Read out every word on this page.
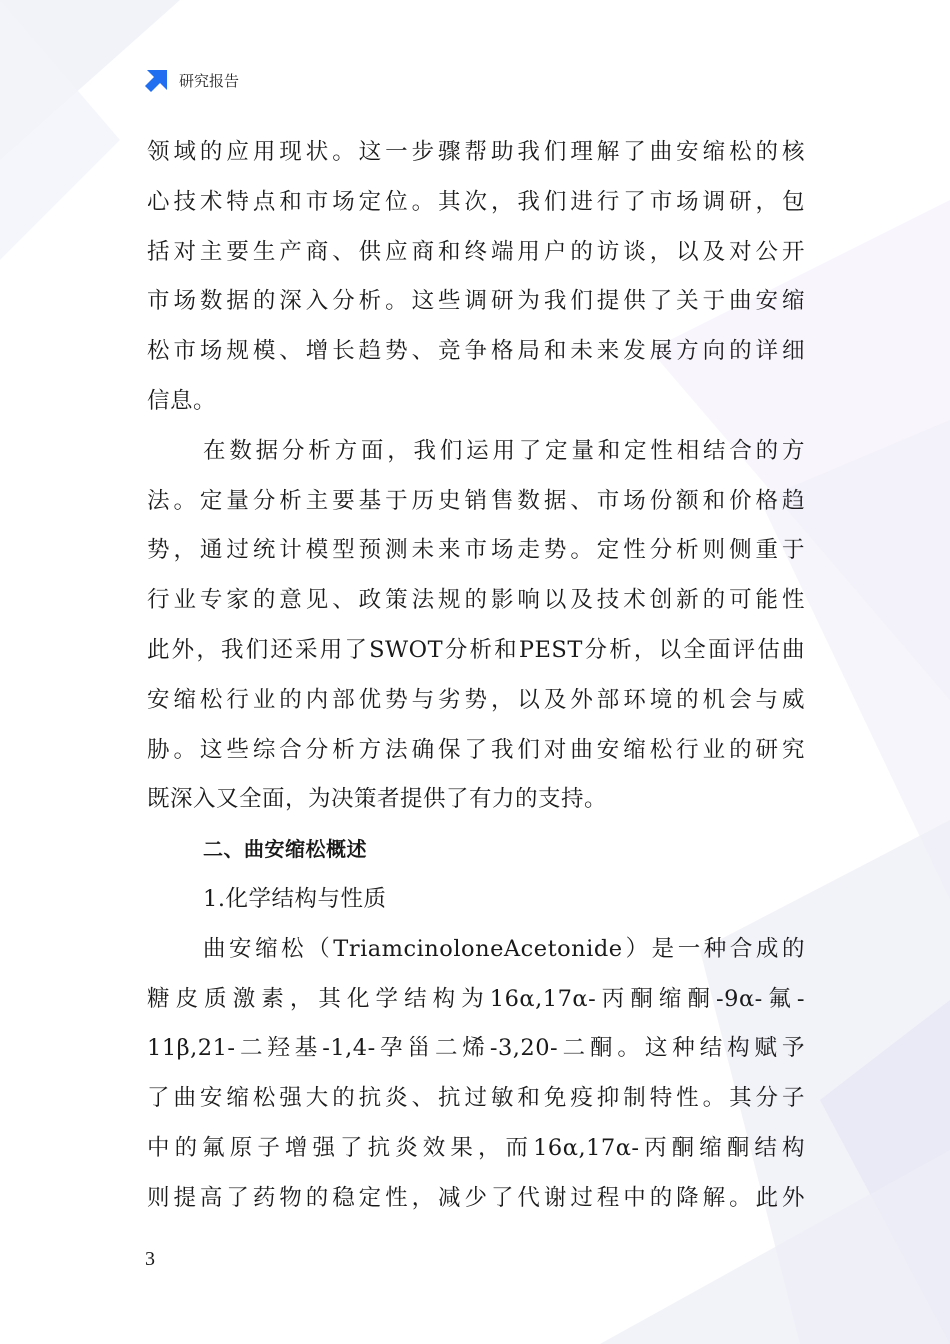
研究报告
领域的应用现状。这一步骤帮助我们理解了曲安缩松的核
心技术特点和市场定位。其次，我们进行了市场调研，包
括对主要生产商、供应商和终端用户的访谈，以及对公开
市场数据的深入分析。这些调研为我们提供了关于曲安缩
松市场规模、增长趋势、竞争格局和未来发展方向的详细
信息。
在数据分析方面，我们运用了定量和定性相结合的方
法。定量分析主要基于历史销售数据、市场份额和价格趋
势，通过统计模型预测未来市场走势。定性分析则侧重于
行业专家的意见、政策法规的影响以及技术创新的可能性
此外，我们还采用了SWOT分析和PEST分析，以全面评估曲
安缩松行业的内部优势与劣势，以及外部环境的机会与威
胁。这些综合分析方法确保了我们对曲安缩松行业的研究
既深入又全面，为决策者提供了有力的支持。
二、曲安缩松概述
1.化学结构与性质
曲安缩松（TriamcinoloneAcetonide）是一种合成的
糖皮质激素，其化学结构为16α,17α-丙酮缩酮-9α-氟-
11β,21-二羟基-1,4-孕甾二烯-3,20-二酮。这种结构赋予
了曲安缩松强大的抗炎、抗过敏和免疫抑制特性。其分子
中的氟原子增强了抗炎效果，而16α,17α-丙酮缩酮结构
则提高了药物的稳定性，减少了代谢过程中的降解。此外
3
